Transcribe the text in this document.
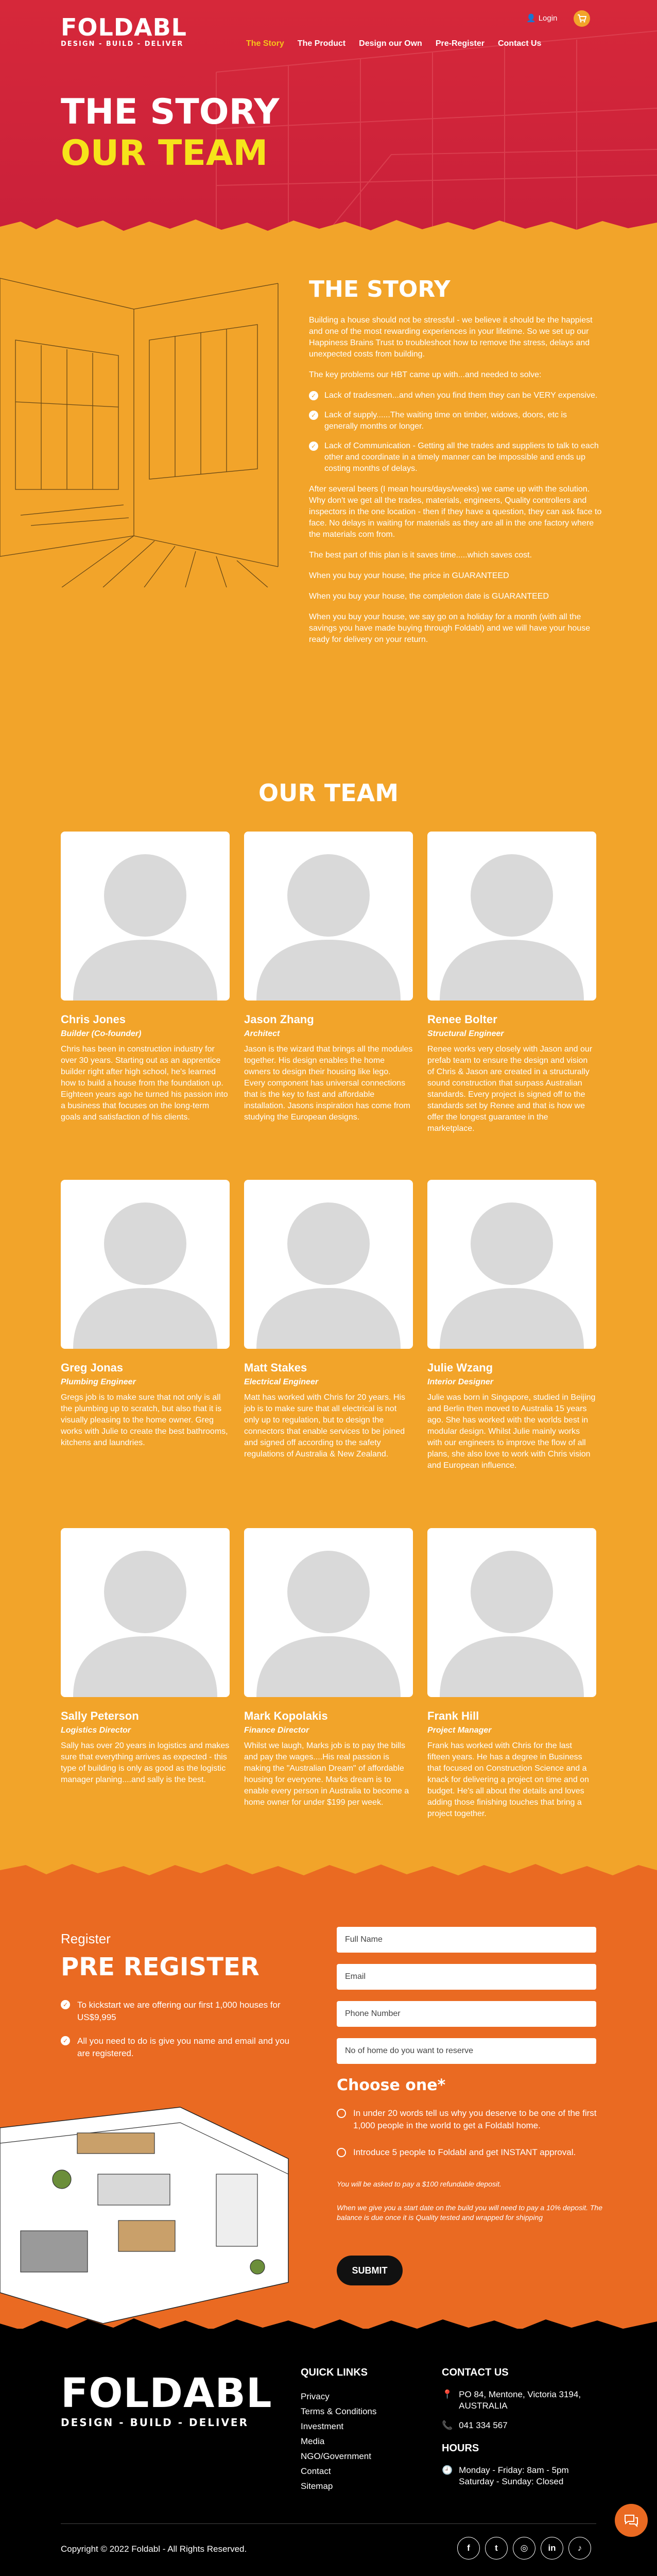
FOLDABL
DESIGN - BUILD - DELIVER
👤 Login
The Story The Product Design our Own Pre-Register Contact Us
THE STORY
OUR TEAM
THE STORY

Building a house should not be stressful - we believe it should be the happiest and one of the most rewarding experiences in your lifetime. So we set up our Happiness Brains Trust to troubleshoot how to remove the stress, delays and unexpected costs from building.

The key problems our HBT came up with...and needed to solve:

✓ Lack of tradesmen...and when you find them they can be VERY expensive.
✓ Lack of supply......The waiting time on timber, widows, doors, etc is generally months or longer.
✓ Lack of Communication - Getting all the trades and suppliers to talk to each other and coordinate in a timely manner can be impossible and ends up costing months of delays.

After several beers (I mean hours/days/weeks) we came up with the solution. Why don't we get all the trades, materials, engineers, Quality controllers and inspectors in the one location - then if they have a question, they can ask face to face. No delays in waiting for materials as they are all in the one factory where the materials com from.

The best part of this plan is it saves time.....which saves cost.

When you buy your house, the price in GUARANTEED

When you buy your house, the completion date is GUARANTEED

When you buy your house, we say go on a holiday for a month (with all the savings you have made buying through Foldabl) and we will have your house ready for delivery on your return.

OUR TEAM
Chris Jones
Builder (Co-founder)
Chris has been in construction industry for over 30 years. Starting out as an apprentice builder right after high school, he's learned how to build a house from the foundation up. Eighteen years ago he turned his passion into a business that focuses on the long-term goals and satisfaction of his clients.
Jason Zhang
Architect
Jason is the wizard that brings all the modules together. His design enables the home owners to design their housing like lego. Every component has universal connections that is the key to fast and affordable installation. Jasons inspiration has come from studying the European designs.
Renee Bolter
Structural Engineer
Renee works very closely with Jason and our prefab team to ensure the design and vision of Chris & Jason are created in a structurally sound construction that surpass Australian standards. Every project is signed off to the standards set by Renee and that is how we offer the longest guarantee in the marketplace.
Greg Jonas
Plumbing Engineer
Gregs job is to make sure that not only is all the plumbing up to scratch, but also that it is visually pleasing to the home owner. Greg works with Julie to create the best bathrooms, kitchens and laundries.
Matt Stakes
Electrical Engineer
Matt has worked with Chris for 20 years. His job is to make sure that all electrical is not only up to regulation, but to design the connectors that enable services to be joined and signed off according to the safety regulations of Australia & New Zealand.
Julie Wzang
Interior Designer
Julie was born in Singapore, studied in Beijing and Berlin then moved to Australia 15 years ago. She has worked with the worlds best in modular design. Whilst Julie mainly works with our engineers to improve the flow of all plans, she also love to work with Chris vision and European influence.
Sally Peterson
Logistics Director
Sally has over 20 years in logistics and makes sure that everything arrives as expected - this type of building is only as good as the logistic manager planing....and sally is the best.
Mark Kopolakis
Finance Director
Whilst we laugh, Marks job is to pay the bills and pay the wages....His real passion is making the "Australian Dream" of affordable housing for everyone. Marks dream is to enable every person in Australia to become a home owner for under $199 per week.
Frank Hill
Project Manager
Frank has worked with Chris for the last fifteen years. He has a degree in Business that focused on Construction Science and a knack for delivering a project on time and on budget. He's all about the details and loves adding those finishing touches that bring a project together.
Register
PRE REGISTER
✓ To kickstart we are offering our first 1,000 houses for US$9,995
✓ All you need to do is give you name and email and you are registered.
Full Name
Email
Phone Number
No of home do you want to reserve
Choose one*
In under 20 words tell us why you deserve to be one of the first 1,000 people in the world to get a Foldabl home.
Introduce 5 people to Foldabl and get INSTANT approval.
You will be asked to pay a $100 refundable deposit.
When we give you a start date on the build you will need to pay a 10% deposit. The balance is due once it is Quality tested and wrapped for shipping
SUBMIT
FOLDABL
DESIGN - BUILD - DELIVER
QUICK LINKS
Privacy
Terms & Conditions
Investment
Media
NGO/Government
Contact
Sitemap
CONTACT US
📍 PO 84, Mentone, Victoria 3194, AUSTRALIA
📞 041 334 567
HOURS
🕘 Monday - Friday: 8am - 5pm Saturday - Sunday: Closed
Copyright © 2022 Foldabl - All Rights Reserved.	f	t	◎	in	♪
